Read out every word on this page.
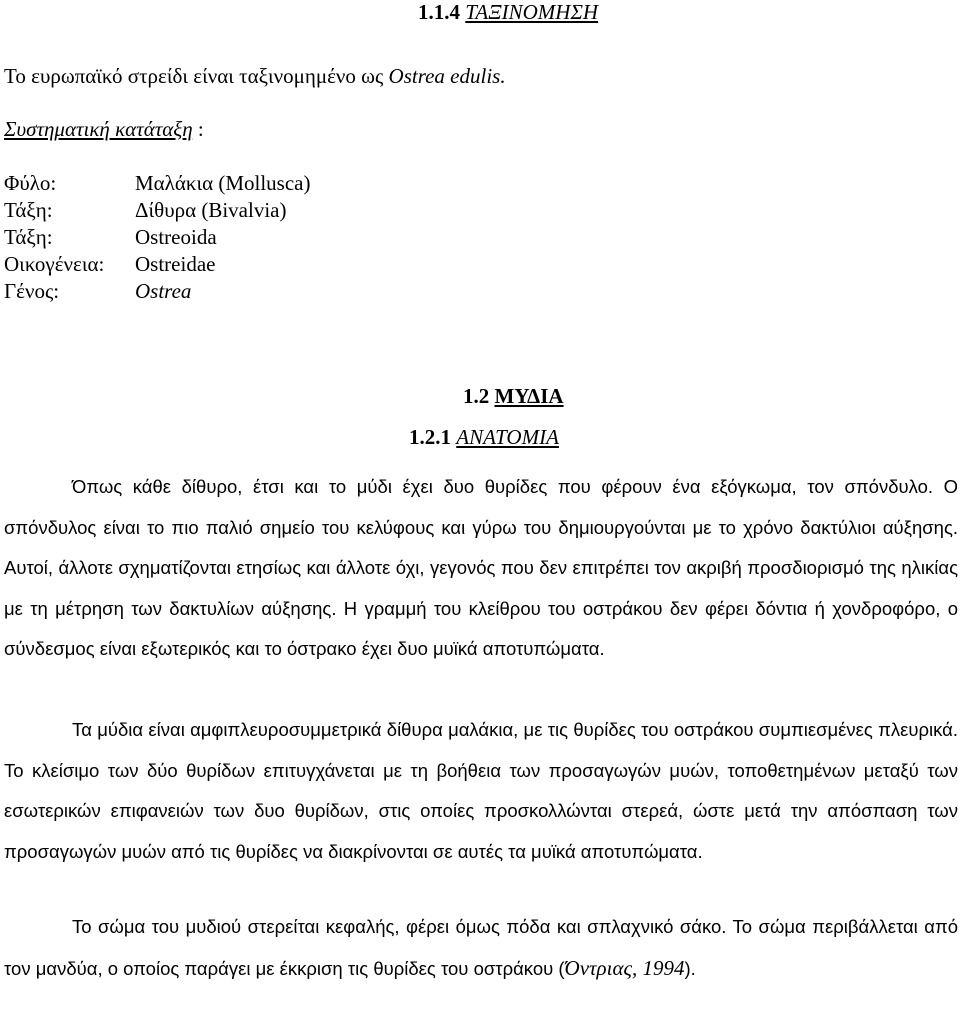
1.1.4 ΤΑΞΙΝΟΜΗΣΗ
Το ευρωπαϊκό στρείδι είναι ταξινομημένο ως Ostrea edulis.
Συστηματική κατάταξη :
Φύλο:	Μαλάκια (Mollusca)
Τάξη:	Δίθυρα (Bivalvia)
Τάξη:	Ostreoida
Οικογένεια: Ostreidae
Γένος:	Ostrea
1.2 ΜΥΔΙΑ
1.2.1 ΑΝΑΤΟΜΙΑ
Όπως κάθε δίθυρο, έτσι και το μύδι έχει δυο θυρίδες που φέρουν ένα εξόγκωμα, τον σπόνδυλο. Ο σπόνδυλος είναι το πιο παλιό σημείο του κελύφους και γύρω του δημιουργούνται με το χρόνο δακτύλιοι αύξησης. Αυτοί, άλλοτε σχηματίζονται ετησίως και άλλοτε όχι, γεγονός που δεν επιτρέπει τον ακριβή προσδιορισμό της ηλικίας με τη μέτρηση των δακτυλίων αύξησης. Η γραμμή του κλείθρου του οστράκου δεν φέρει δόντια ή χονδροφόρο, ο σύνδεσμος είναι εξωτερικός και το όστρακο έχει δυο μυϊκά αποτυπώματα.
Τα μύδια είναι αμφιπλευροσυμμετρικά δίθυρα μαλάκια, με τις θυρίδες του οστράκου συμπιεσμένες πλευρικά. Το κλείσιμο των δύο θυρίδων επιτυγχάνεται με τη βοήθεια των προσαγωγών μυών, τοποθετημένων μεταξύ των εσωτερικών επιφανειών των δυο θυρίδων, στις οποίες προσκολλώνται στερεά, ώστε μετά την απόσπαση των προσαγωγών μυών από τις θυρίδες να διακρίνονται σε αυτές τα μυϊκά αποτυπώματα.
Το σώμα του μυδιού στερείται κεφαλής, φέρει όμως πόδα και σπλαχνικό σάκο. Το σώμα περιβάλλεται από τον μανδύα, ο οποίος παράγει με έκκριση τις θυρίδες του οστράκου (Όντριας, 1994).
